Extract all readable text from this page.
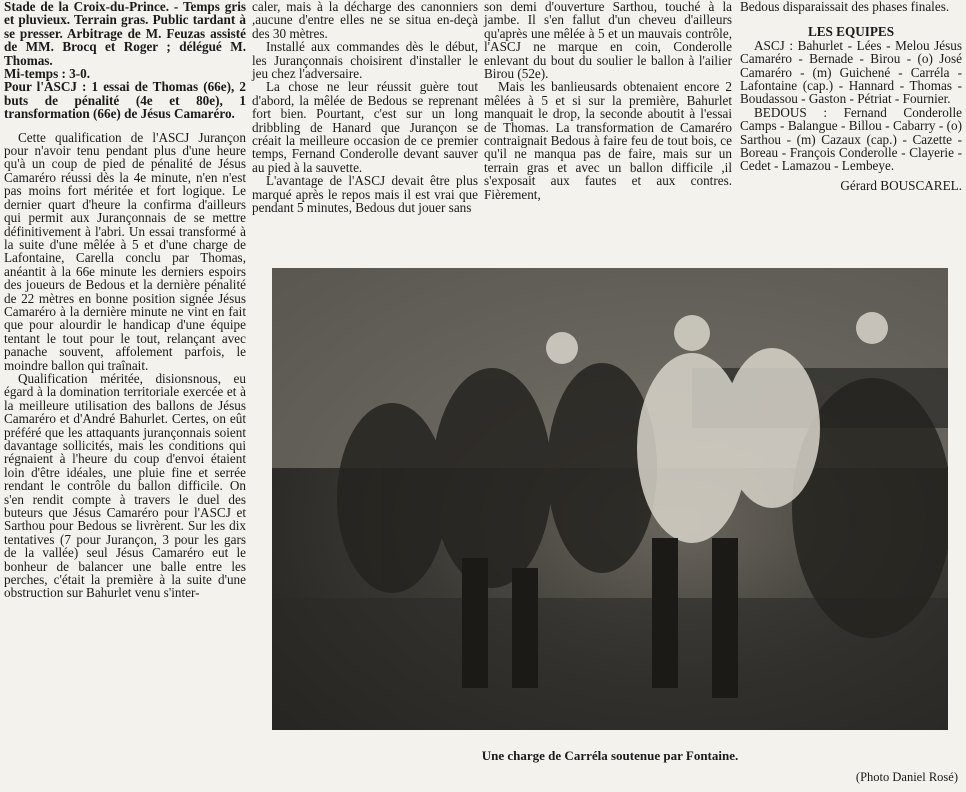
Stade de la Croix-du-Prince. - Temps gris et pluvieux. Terrain gras. Public tardant à se presser. Arbitrage de M. Feuzas assisté de MM. Brocq et Roger ; délégué M. Thomas.

Mi-temps : 3-0.

Pour l'ASCJ : 1 essai de Thomas (66e), 2 buts de pénalité (4e et 80e), 1 transformation (66e) de Jésus Camaréro.

Cette qualification de l'ASCJ Jurançon pour n'avoir tenu pendant plus d'une heure qu'à un coup de pied de pénalité de Jésus Camaréro réussi dès la 4e minute, n'en n'est pas moins fort méritée et fort logique. Le dernier quart d'heure la confirma d'ailleurs qui permit aux Jurançonnais de se mettre définitivement à l'abri. Un essai transformé à la suite d'une mêlée à 5 et d'une charge de Lafontaine, Carella conclu par Thomas, anéantit à la 66e minute les derniers espoirs des joueurs de Bedous et la dernière pénalité de 22 mètres en bonne position signée Jésus Camaréro à la dernière minute ne vint en fait que pour alourdir le handicap d'une équipe tentant le tout pour le tout, relançant avec panache souvent, affolement parfois, le moindre ballon qui traînait.

Qualification méritée, disionsnous, eu égard à la domination territoriale exercée et à la meilleure utilisation des ballons de Jésus Camaréro et d'André Bahurlet. Certes, on eût préféré que les attaquants jurançonnais soient davantage sollicités, mais les conditions qui régnaient à l'heure du coup d'envoi étaient loin d'être idéales, une pluie fine et serrée rendant le contrôle du ballon difficile. On s'en rendit compte à travers le duel des buteurs que Jésus Camaréro pour l'ASCJ et Sarthou pour Bedous se livrèrent. Sur les dix tentatives (7 pour Jurançon, 3 pour les gars de la vallée) seul Jésus Camaréro eut le bonheur de balancer une balle entre les perches, c'était la première à la suite d'une obstruction sur Bahurlet venu s'inter-

caler, mais à la décharge des canonniers ,aucune d'entre elles ne se situa en-deçà des 30 mètres.

Installé aux commandes dès le début, les Jurançonnais choisirent d'installer le jeu chez l'adversaire.

La chose ne leur réussit guère tout d'abord, la mêlée de Bedous se reprenant fort bien. Pourtant, c'est sur un long dribbling de Hanard que Jurançon se créait la meilleure occasion de ce premier temps, Fernand Conderolle devant sauver au pied à la sauvette.

L'avantage de l'ASCJ devait être plus marqué après le repos mais il est vrai que pendant 5 minutes, Bedous dut jouer sans

son demi d'ouverture Sarthou, touché à la jambe. Il s'en fallut d'un cheveu d'ailleurs qu'après une mêlée à 5 et un mauvais contrôle, l'ASCJ ne marque en coin, Conderolle enlevant du bout du soulier le ballon à l'ailier Birou (52e).

Mais les banlieusards obtenaient encore 2 mêlées à 5 et si sur la première, Bahurlet manquait le drop, la seconde aboutit à l'essai de Thomas. La transformation de Camaréro contraignait Bedous à faire feu de tout bois, ce qu'il ne manqua pas de faire, mais sur un terrain gras et avec un ballon difficile ,il s'exposait aux fautes et aux contres. Fièrement,

Bedous disparaissait des phases finales.

LES EQUIPES

ASCJ : Bahurlet - Lées - Melou Jésus Camaréro - Bernade - Birou - (o) José Camaréro - (m) Guichené - Carréla - Lafontaine (cap.) - Hannard - Thomas - Boudassou - Gaston - Pétriat - Fournier.

BEDOUS : Fernand Conderolle Camps - Balangue - Billou - Cabarry - (o) Sarthou - (m) Cazaux (cap.) - Cazette - Boreau - François Conderolle - Clayerie - Cedet - Lamazou - Lembeye.

Gérard BOUSCAREL.

Une charge de Carréla soutenue par Fontaine.
(Photo Daniel Rosé)
